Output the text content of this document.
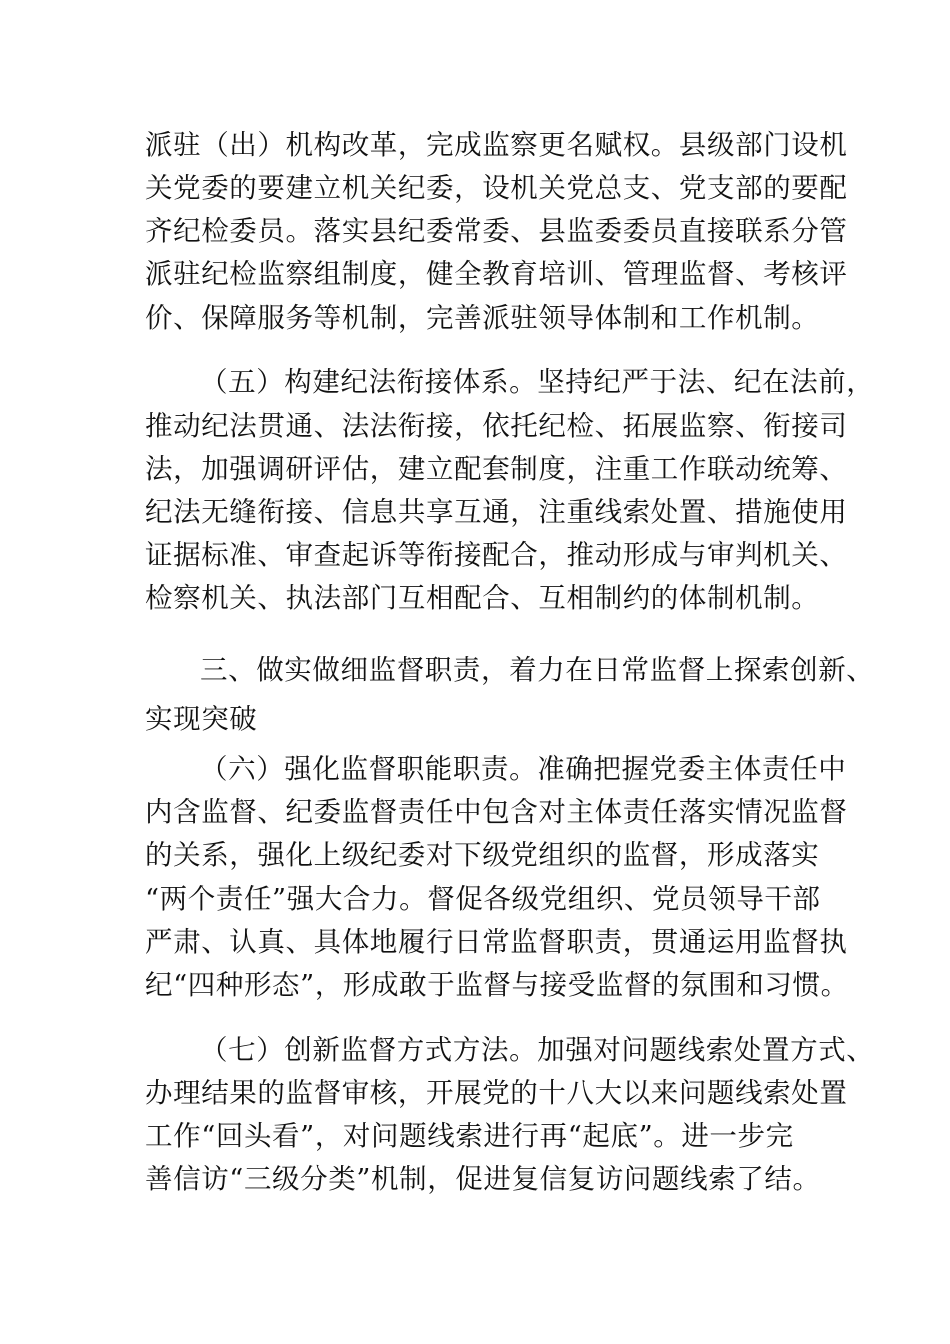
派驻（出）机构改革，完成监察更名赋权。县级部门设机
关党委的要建立机关纪委，设机关党总支、党支部的要配
齐纪检委员。落实县纪委常委、县监委委员直接联系分管
派驻纪检监察组制度，健全教育培训、管理监督、考核评
价、保障服务等机制，完善派驻领导体制和工作机制。
（五）构建纪法衔接体系。坚持纪严于法、纪在法前，
推动纪法贯通、法法衔接，依托纪检、拓展监察、衔接司
法，加强调研评估，建立配套制度，注重工作联动统筹、
纪法无缝衔接、信息共享互通，注重线索处置、措施使用
证据标准、审查起诉等衔接配合，推动形成与审判机关、
检察机关、执法部门互相配合、互相制约的体制机制。
三、做实做细监督职责，着力在日常监督上探索创新、
实现突破
（六）强化监督职能职责。准确把握党委主体责任中
内含监督、纪委监督责任中包含对主体责任落实情况监督
的关系，强化上级纪委对下级党组织的监督，形成落实
“两个责任”强大合力。督促各级党组织、党员领导干部
严肃、认真、具体地履行日常监督职责，贯通运用监督执
纪“四种形态”，形成敢于监督与接受监督的氛围和习惯。
（七）创新监督方式方法。加强对问题线索处置方式、
办理结果的监督审核，开展党的十八大以来问题线索处置
工作“回头看”，对问题线索进行再“起底”。进一步完
善信访“三级分类”机制，促进复信复访问题线索了结。
